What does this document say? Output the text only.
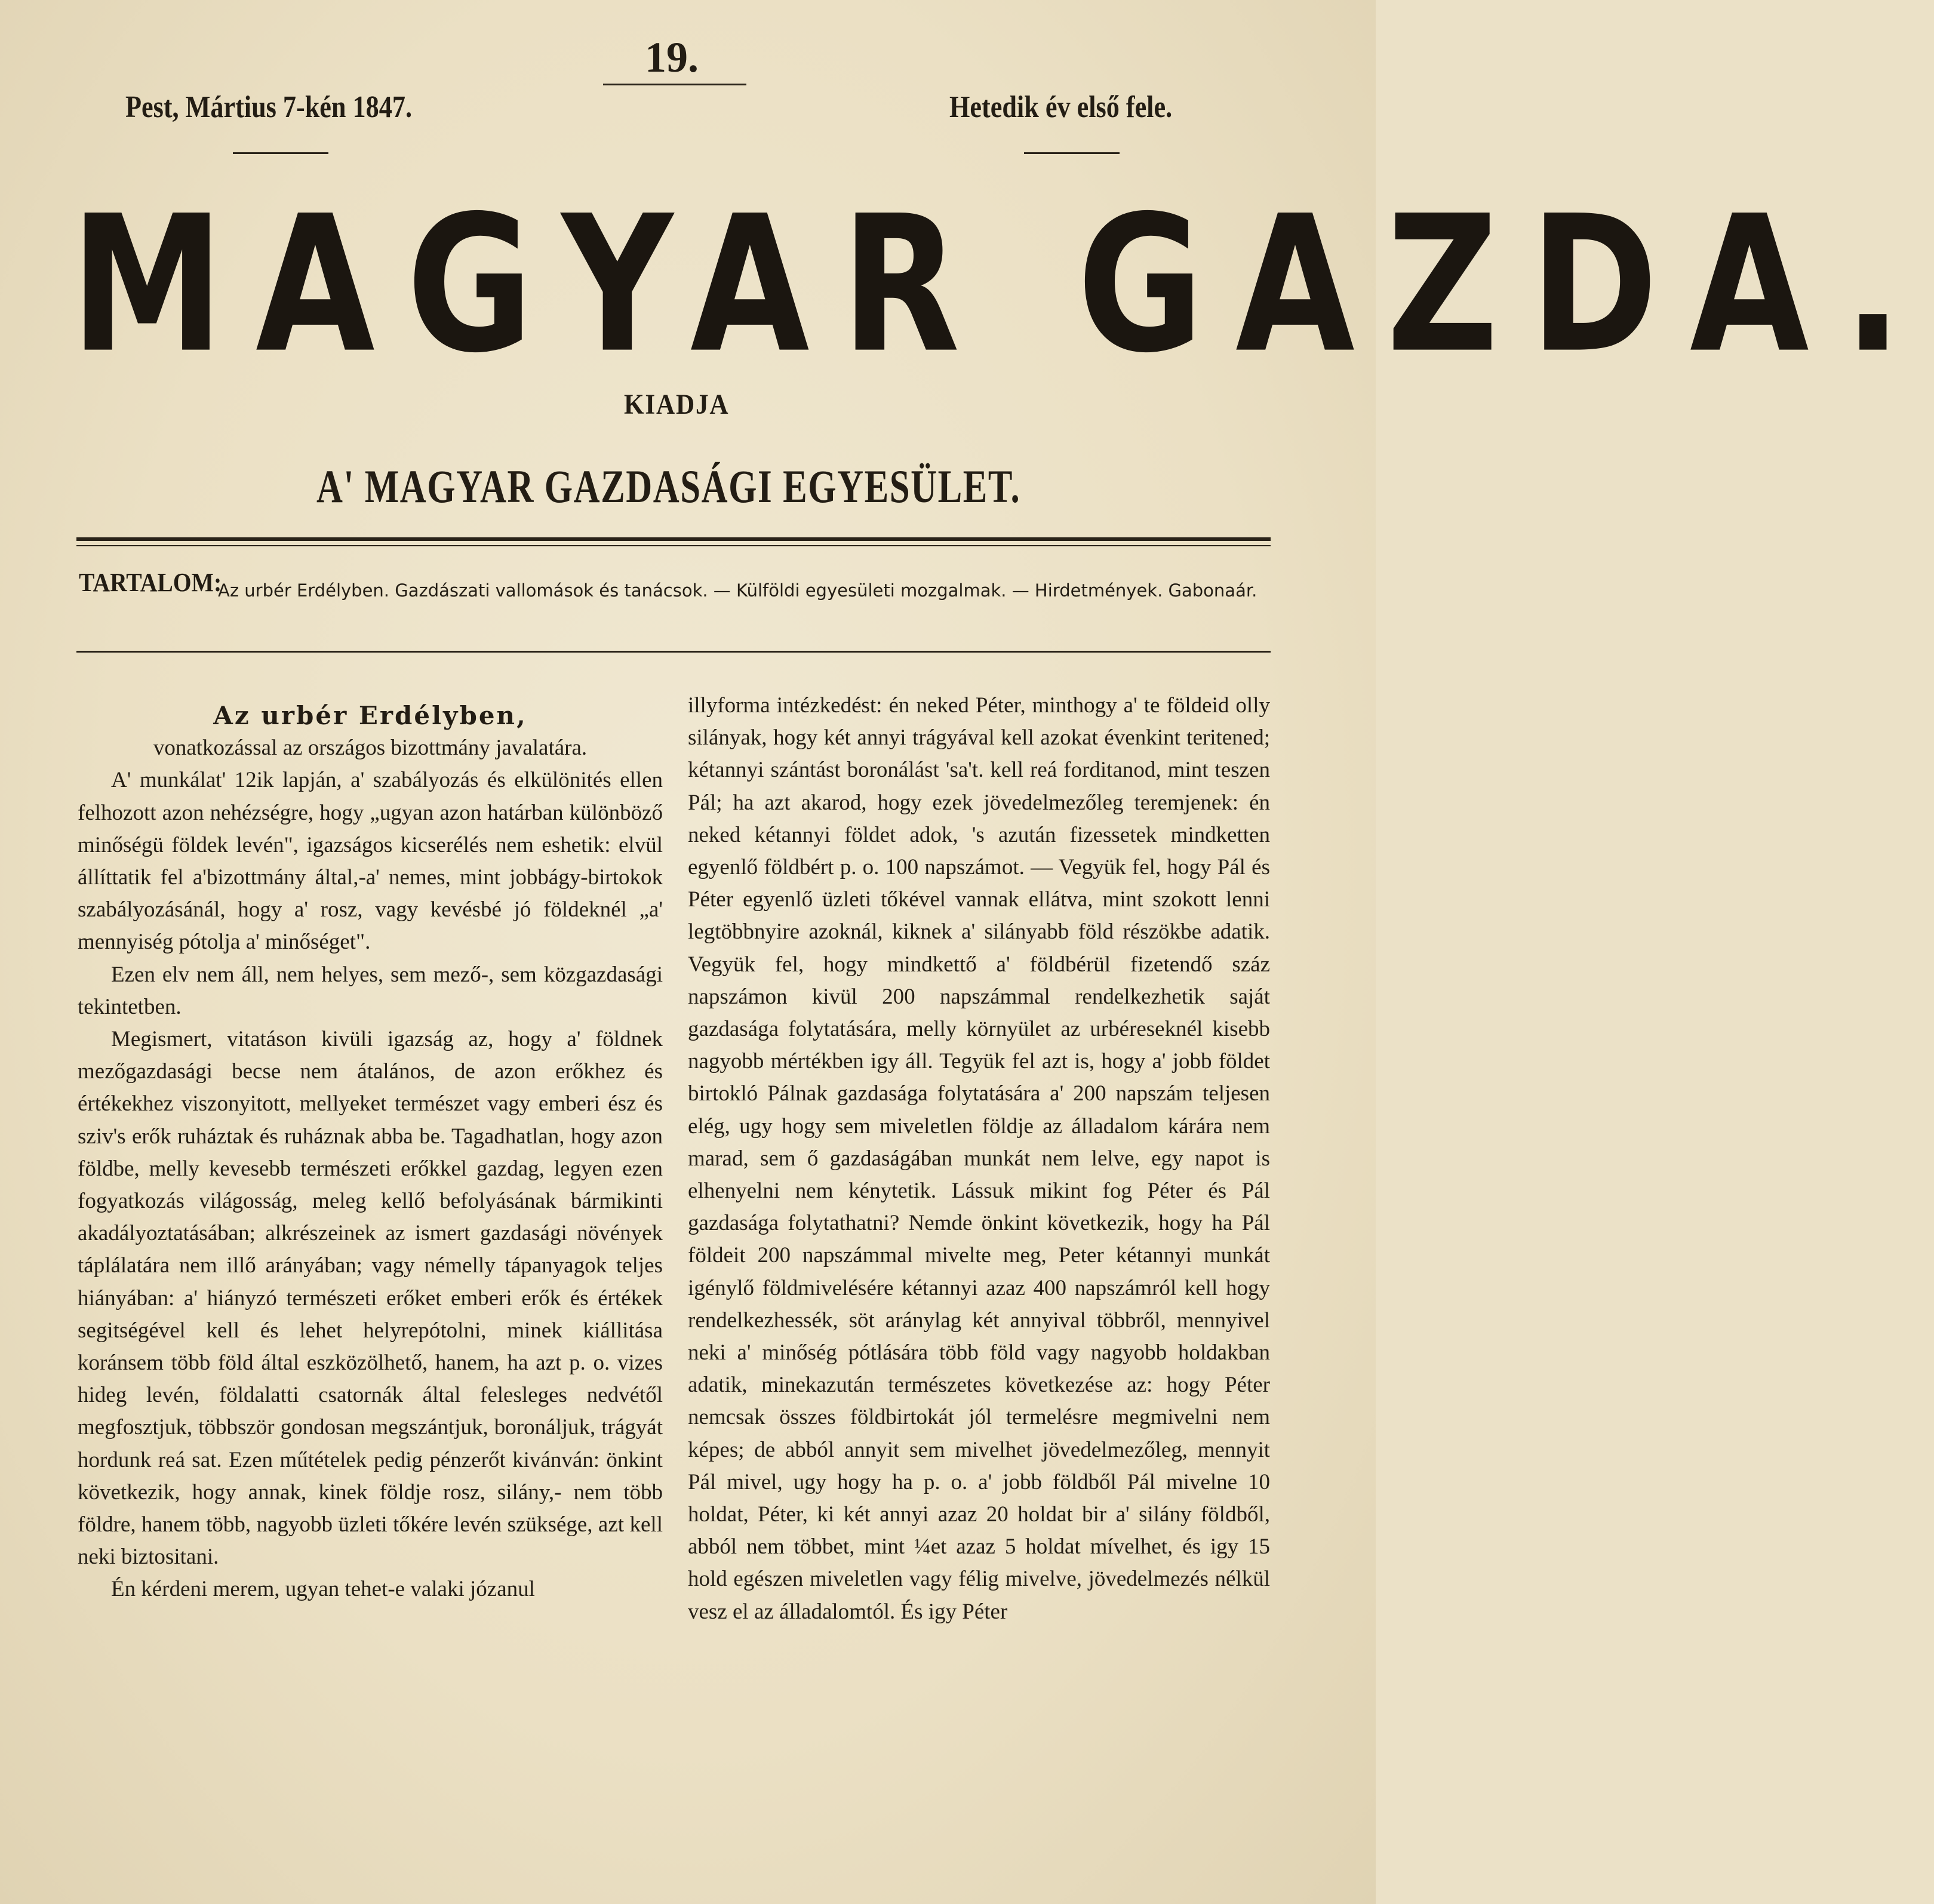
19.
Pest, Mártius 7-kén 1847.	Hetedik év első fele.
MAGYAR GAZDA.
KIADJA
A' MAGYAR GAZDASÁGI EGYESÜLET.
TARTALOM:
Az urbér Erdélyben. Gazdászati vallomások és tanácsok. — Külföldi egyesületi mozgalmak. — Hirdetmények. Gabonaár.

Az urbér Erdélyben,

vonatkozással az országos bizottmány javalatára.

A' munkálat' 12ik lapján, a' szabályozás és elkülönités ellen felhozott azon nehézségre, hogy „ugyan azon határban különböző minőségü földek levén", igazságos kicserélés nem eshetik: elvül állíttatik fel a'bizottmány által,-a' nemes, mint jobbágy-birtokok szabályozásánál, hogy a' rosz, vagy kevésbé jó földeknél „a' mennyiség pótolja a' minőséget".

Ezen elv nem áll, nem helyes, sem mező-, sem közgazdasági tekintetben.

Megismert, vitatáson kivüli igazság az, hogy a' földnek mezőgazdasági becse nem átalános, de azon erőkhez és értékekhez viszonyitott, mellyeket természet vagy emberi ész és sziv's erők ruháztak és ruháznak abba be. Tagadhatlan, hogy azon földbe, melly kevesebb természeti erőkkel gazdag, legyen ezen fogyatkozás világosság, meleg kellő befolyásának bármikinti akadályoztatásában; alkrészeinek az ismert gazdasági növények táplálatára nem illő arányában; vagy némelly tápanyagok teljes hiányában: a' hiányzó természeti erőket emberi erők és értékek segitségével kell és lehet helyrepótolni, minek kiállitása koránsem több föld által eszközölhető, hanem, ha azt p. o. vizes hideg levén, földalatti csatornák által felesleges nedvétől megfosztjuk, többször gondosan megszántjuk, boronáljuk, trágyát hordunk reá sat. Ezen műtételek pedig pénzerőt kivánván: önkint következik, hogy annak, kinek földje rosz, silány,- nem több földre, hanem több, nagyobb üzleti tőkére levén szüksége, azt kell neki biztositani.

Én kérdeni merem, ugyan tehet-e valaki józanul

illyforma intézkedést: én neked Péter, minthogy a' te földeid olly silányak, hogy két annyi trágyával kell azokat évenkint teritened; kétannyi szántást boronálást 'sa't. kell reá forditanod, mint teszen Pál; ha azt akarod, hogy ezek jövedelmezőleg teremjenek: én neked kétannyi földet adok, 's azután fizessetek mindketten egyenlő földbért p. o. 100 napszámot. — Vegyük fel, hogy Pál és Péter egyenlő üzleti tőkével vannak ellátva, mint szokott lenni legtöbbnyire azoknál, kiknek a' silányabb föld részökbe adatik. Vegyük fel, hogy mindkettő a' földbérül fizetendő száz napszámon kivül 200 napszámmal rendelkezhetik saját gazdasága folytatására, melly környület az urbéreseknél kisebb nagyobb mértékben igy áll. Tegyük fel azt is, hogy a' jobb földet birtokló Pálnak gazdasága folytatására a' 200 napszám teljesen elég, ugy hogy sem miveletlen földje az álladalom kárára nem marad, sem ő gazdaságában munkát nem lelve, egy napot is elhenyelni nem kénytetik. Lássuk mikint fog Péter és Pál gazdasága folytathatni? Nemde önkint következik, hogy ha Pál földeit 200 napszámmal mivelte meg, Peter kétannyi munkát igénylő földmivelésére kétannyi azaz 400 napszámról kell hogy rendelkezhessék, söt aránylag két annyival többről, mennyivel neki a' minőség pótlására több föld vagy nagyobb holdakban adatik, minekazután természetes következése az: hogy Péter nemcsak összes földbirtokát jól termelésre megmivelni nem képes; de abból annyit sem mivelhet jövedelmezőleg, mennyit Pál mivel, ugy hogy ha p. o. a' jobb földből Pál mivelne 10 holdat, Péter, ki két annyi azaz 20 holdat bir a' silány földből, abból nem többet, mint ¼et azaz 5 holdat mívelhet, és igy 15 hold egészen miveletlen vagy félig mivelve, jövedelmezés nélkül vesz el az álladalomtól. És igy Péter
